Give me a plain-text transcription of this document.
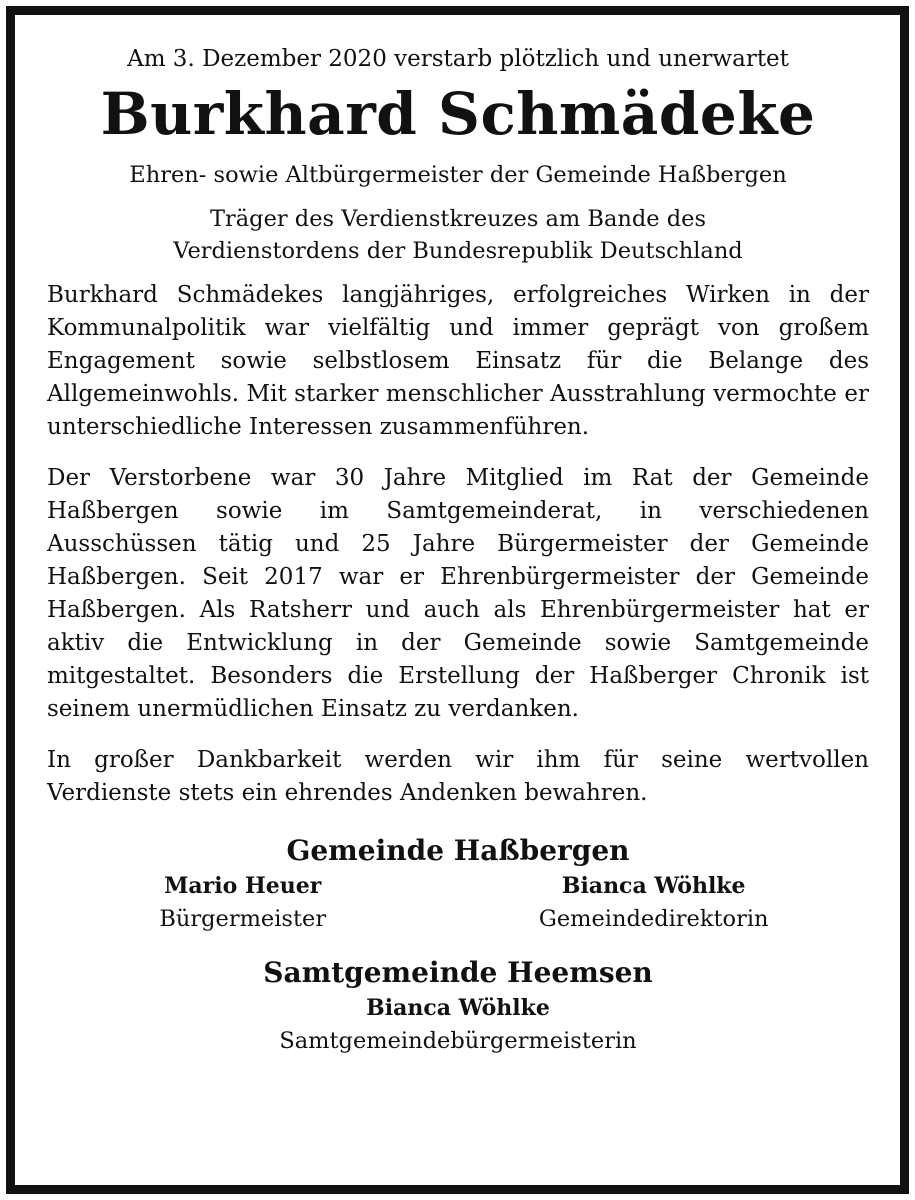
Am 3. Dezember 2020 verstarb plötzlich und unerwartet

Burkhard Schmädeke

Ehren- sowie Altbürgermeister der Gemeinde Haßbergen

Träger des Verdienstkreuzes am Bande des
Verdienstordens der Bundesrepublik Deutschland

Burkhard Schmädekes langjähriges, erfolgreiches Wirken in der Kommunalpolitik war vielfältig und immer geprägt von großem Engagement sowie selbstlosem Einsatz für die Belange des Allgemeinwohls. Mit starker menschlicher Ausstrahlung vermochte er unterschiedliche Interessen zusammenführen.

Der Verstorbene war 30 Jahre Mitglied im Rat der Gemeinde Haßbergen sowie im Samtgemeinderat, in verschiedenen Ausschüssen tätig und 25 Jahre Bürgermeister der Gemeinde Haßbergen. Seit 2017 war er Ehrenbürgermeister der Gemeinde Haßbergen. Als Ratsherr und auch als Ehrenbürgermeister hat er aktiv die Entwicklung in der Gemeinde sowie Samtgemeinde mitgestaltet. Besonders die Erstellung der Haßberger Chronik ist seinem unermüdlichen Einsatz zu verdanken.

In großer Dankbarkeit werden wir ihm für seine wertvollen Verdienste stets ein ehrendes Andenken bewahren.

Gemeinde Haßbergen

Mario Heuer

Bürgermeister

Bianca Wöhlke

Gemeindedirektorin

Samtgemeinde Heemsen

Bianca Wöhlke

Samtgemeindebürgermeisterin
